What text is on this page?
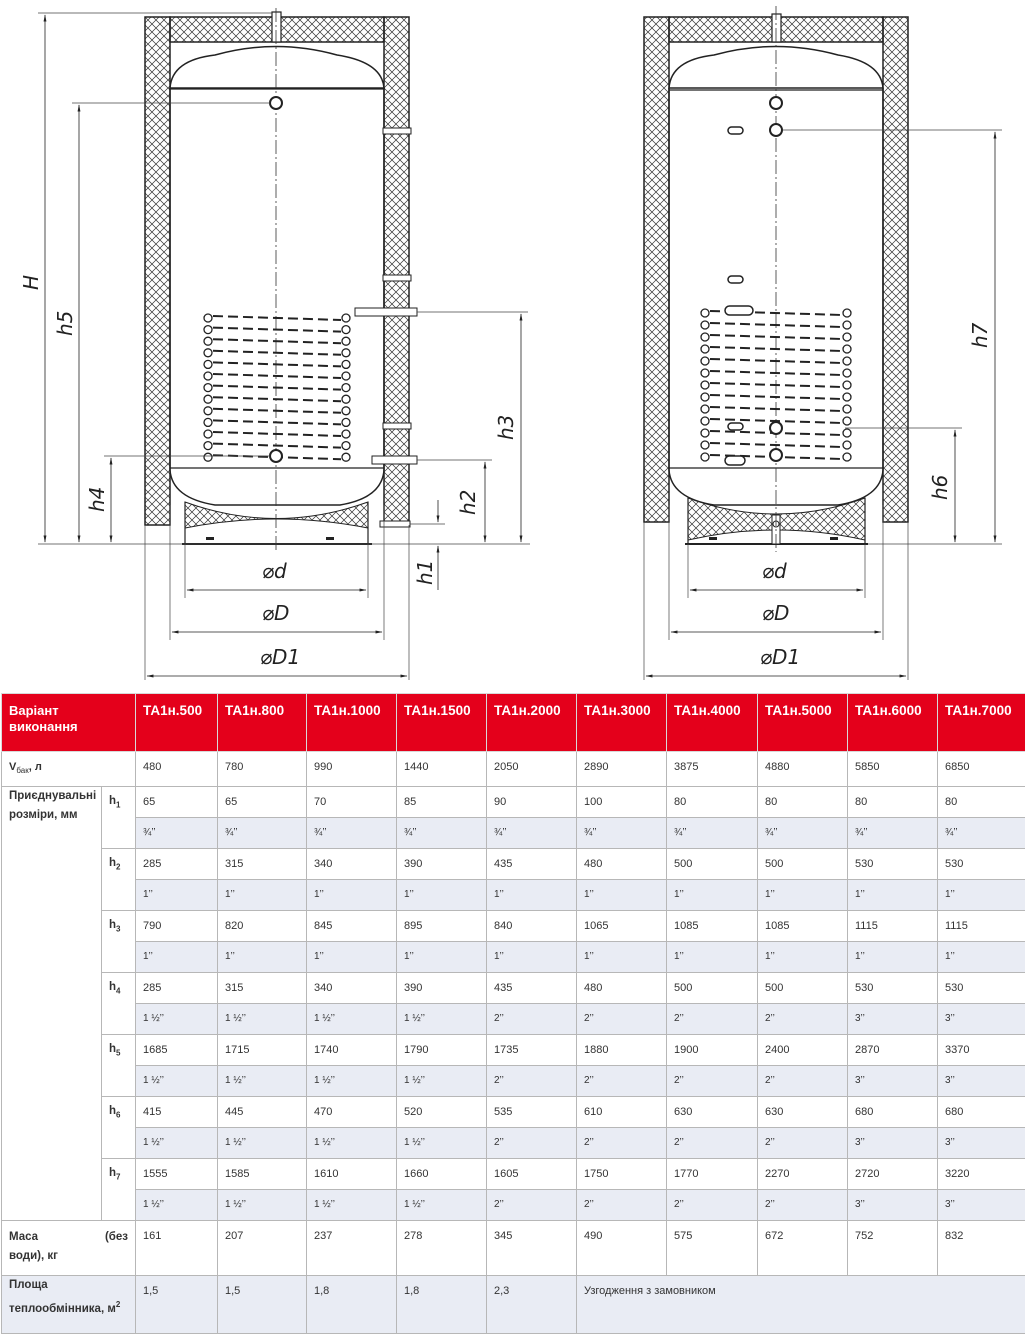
H
h5
h4
h3
h2
h1
⌀d
⌀D
⌀D1
h7
h6
⌀d
⌀D
⌀D1
Варіант виконання		ТА1н.500	ТА1н.800	ТА1н.1000	ТА1н.1500	ТА1н.2000	ТА1н.3000	ТА1н.4000	ТА1н.5000	ТА1н.6000	ТА1н.7000
$V_{бак}$, л		480	780	990	1440	2050	2890	3875	4880	5850	6850
Приєднувальні розміри, мм	$h_1$	65	65	70	85	90	100	80	80	80	80
		¾’’	¾’’	¾’’	¾’’	¾’’	¾’’	¾’’	¾’’	¾’’	¾’’
	$h_2$	285	315	340	390	435	480	500	500	530	530
		1’’	1’’	1’’	1’’	1’’	1’’	1’’	1’’	1’’	1’’
	$h_3$	790	820	845	895	840	1065	1085	1085	1115	1115
		1’’	1’’	1’’	1’’	1’’	1’’	1’’	1’’	1’’	1’’
	$h_4$	285	315	340	390	435	480	500	500	530	530
		1 ½’’	1 ½’’	1 ½’’	1 ½’’	2’’	2’’	2’’	2’’	3’’	3’’
	$h_5$	1685	1715	1740	1790	1735	1880	1900	2400	2870	3370
		1 ½’’	1 ½’’	1 ½’’	1 ½’’	2’’	2’’	2’’	2’’	3’’	3’’
	$h_6$	415	445	470	520	535	610	630	630	680	680
		1 ½’’	1 ½’’	1 ½’’	1 ½’’	2’’	2’’	2’’	2’’	3’’	3’’
	$h_7$	1555	1585	1610	1660	1605	1750	1770	2270	2720	3220
		1 ½’’	1 ½’’	1 ½’’	1 ½’’	2’’	2’’	2’’	2’’	3’’	3’’

Маса (без
води), кг		161	207	237	278	345	490	575	672	752	832
Площа теплообмінника, $м^2$		1,5	1,5	1,8	1,8	2,3	Узгодження з замовником				
